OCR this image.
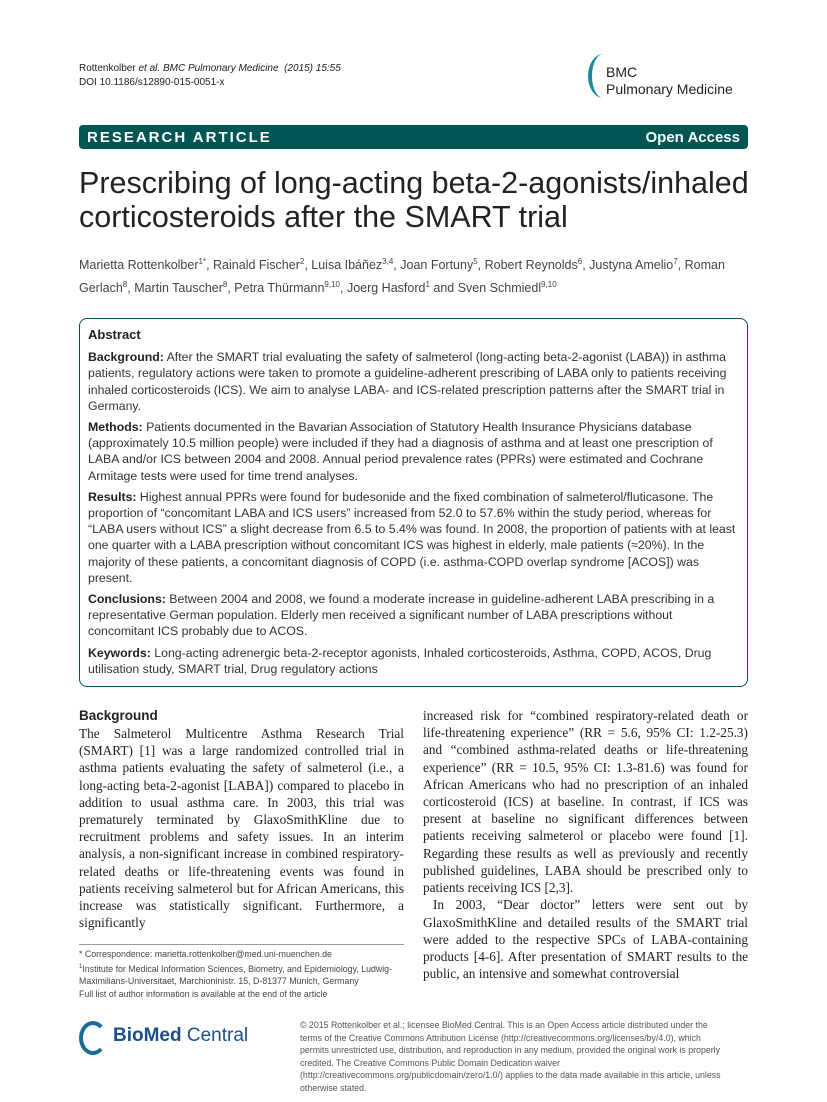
Rottenkolber et al. BMC Pulmonary Medicine  (2015) 15:55
DOI 10.1186/s12890-015-0051-x
BMC
Pulmonary Medicine
RESEARCH ARTICLE	Open Access
Prescribing of long-acting beta-2-agonists/inhaled corticosteroids after the SMART trial
Marietta Rottenkolber$^{1*}$, Rainald Fischer$^2$, Luisa Ibáñez$^{3,4}$, Joan Fortuny$^5$, Robert Reynolds$^6$, Justyna Amelio$^7$, Roman Gerlach$^8$, Martin Tauscher$^8$, Petra Thürmann$^{9,10}$, Joerg Hasford$^1$ and Sven Schmiedl$^{9,10}$
Abstract

Background: After the SMART trial evaluating the safety of salmeterol (long-acting beta-2-agonist (LABA)) in asthma patients, regulatory actions were taken to promote a guideline-adherent prescribing of LABA only to patients receiving inhaled corticosteroids (ICS). We aim to analyse LABA- and ICS-related prescription patterns after the SMART trial in Germany.

Methods: Patients documented in the Bavarian Association of Statutory Health Insurance Physicians database (approximately 10.5 million people) were included if they had a diagnosis of asthma and at least one prescription of LABA and/or ICS between 2004 and 2008. Annual period prevalence rates (PPRs) were estimated and Cochrane Armitage tests were used for time trend analyses.

Results: Highest annual PPRs were found for budesonide and the fixed combination of salmeterol/fluticasone. The proportion of “concomitant LABA and ICS users” increased from 52.0 to 57.6% within the study period, whereas for “LABA users without ICS” a slight decrease from 6.5 to 5.4% was found. In 2008, the proportion of patients with at least one quarter with a LABA prescription without concomitant ICS was highest in elderly, male patients (≈20%). In the majority of these patients, a concomitant diagnosis of COPD (i.e. asthma-COPD overlap syndrome [ACOS]) was present.

Conclusions: Between 2004 and 2008, we found a moderate increase in guideline-adherent LABA prescribing in a representative German population. Elderly men received a significant number of LABA prescriptions without concomitant ICS probably due to ACOS.

Keywords: Long-acting adrenergic beta-2-receptor agonists, Inhaled corticosteroids, Asthma, COPD, ACOS, Drug utilisation study, SMART trial, Drug regulatory actions

Background

The Salmeterol Multicentre Asthma Research Trial (SMART) [1] was a large randomized controlled trial in asthma patients evaluating the safety of salmeterol (i.e., a long-acting beta-2-agonist [LABA]) compared to placebo in addition to usual asthma care. In 2003, this trial was prematurely terminated by GlaxoSmithKline due to recruitment problems and safety issues. In an interim analysis, a non-significant increase in combined respiratory-related deaths or life-threatening events was found in patients receiving salmeterol but for African Americans, this increase was statistically significant. Furthermore, a significantly

* Correspondence: marietta.rottenkolber@med.uni-muenchen.de
$^1$Institute for Medical Information Sciences, Biometry, and Epidemiology, Ludwig-Maximilians-Universitaet, Marchioninistr. 15, D-81377 Munich, Germany
Full list of author information is available at the end of the article

increased risk for “combined respiratory-related death or life-threatening experience” (RR = 5.6, 95% CI: 1.2-25.3) and “combined asthma-related deaths or life-threatening experience” (RR = 10.5, 95% CI: 1.3-81.6) was found for African Americans who had no prescription of an inhaled corticosteroid (ICS) at baseline. In contrast, if ICS was present at baseline no significant differences between patients receiving salmeterol or placebo were found [1]. Regarding these results as well as previously and recently published guidelines, LABA should be prescribed only to patients receiving ICS [2,3].

In 2003, “Dear doctor” letters were sent out by GlaxoSmithKline and detailed results of the SMART trial were added to the respective SPCs of LABA-containing products [4-6]. After presentation of SMART results to the public, an intensive and somewhat controversial

BioMed Central	© 2015 Rottenkolber et al.; licensee BioMed Central. This is an Open Access article distributed under the terms of the Creative Commons Attribution License (http://creativecommons.org/licenses/by/4.0), which permits unrestricted use, distribution, and reproduction in any medium, provided the original work is properly credited. The Creative Commons Public Domain Dedication waiver (http://creativecommons.org/publicdomain/zero/1.0/) applies to the data made available in this article, unless otherwise stated.
